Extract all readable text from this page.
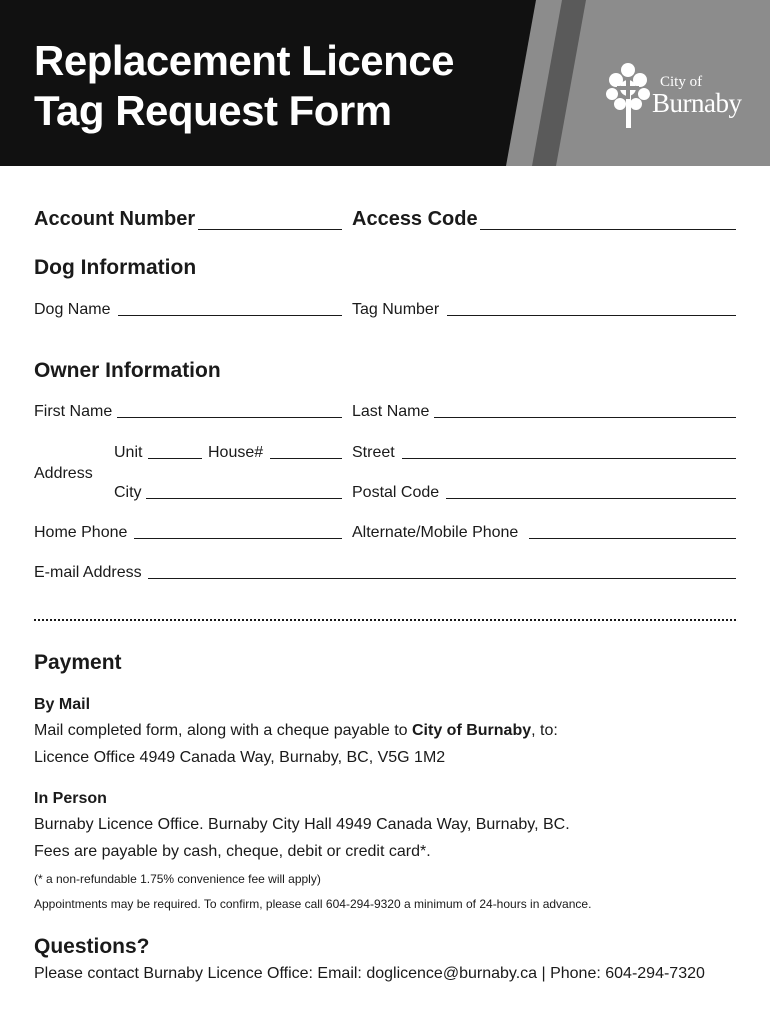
Replacement Licence
Tag Request Form
City of
Burnaby
Account Number	Access Code
Dog Information
Dog Name	Tag Number
Owner Information
First Name	Last Name
Address
Unit	House#	Street
City	Postal Code
Home Phone	Alternate/Mobile Phone
E-mail Address
Payment
By Mail
Mail completed form, along with a cheque payable to City of Burnaby, to:
Licence Office 4949 Canada Way, Burnaby, BC, V5G 1M2
In Person
Burnaby Licence Office. Burnaby City Hall 4949 Canada Way, Burnaby, BC.
Fees are payable by cash, cheque, debit or credit card*.
(* a non-refundable 1.75% convenience fee will apply)
Appointments may be required. To confirm, please call 604-294-9320 a minimum of 24-hours in advance.
Questions?
Please contact Burnaby Licence Office: Email: doglicence@burnaby.ca | Phone: 604-294-7320
